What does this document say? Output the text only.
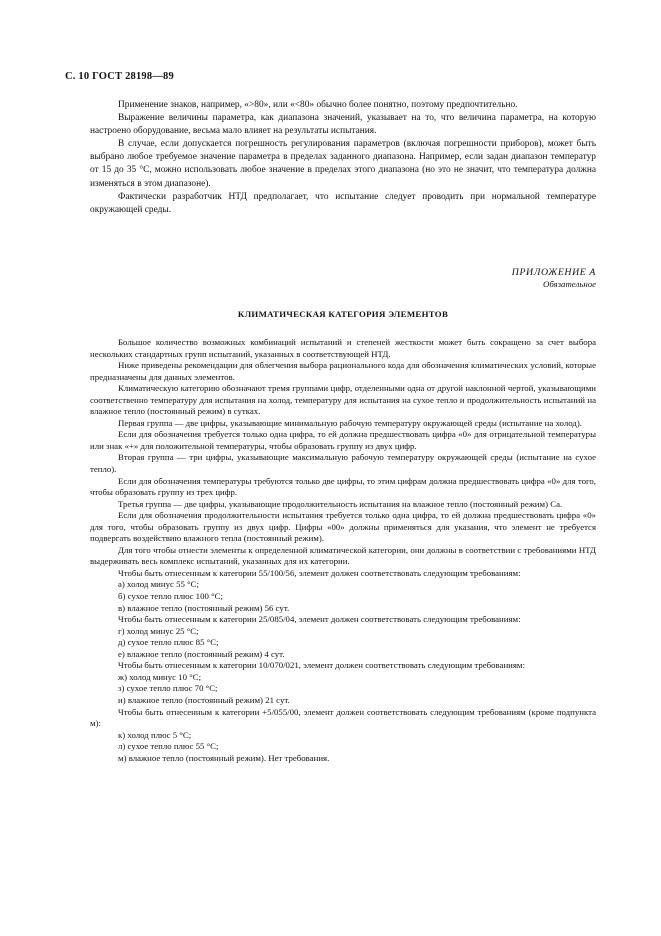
С. 10 ГОСТ 28198—89

Применение знаков, например, «>80», или «<80» обычно более понятно, поэтому предпочтительно.

Выражение величины параметра, как диапазона значений, указывает на то, что величина параметра, на которую настроено оборудование, весьма мало влияет на результаты испытания.

В случае, если допускается погрешность регулирования параметров (включая погрешности приборов), может быть выбрано любое требуемое значение параметра в пределах заданного диапазона. Например, если задан диапазон температур от 15 до 35 °С, можно использовать любое значение в пределах этого диапазона (но это не значит, что температура должна изменяться в этом диапазоне).

Фактически разработчик НТД предполагает, что испытание следует проводить при нормальной температуре окружающей среды.

ПРИЛОЖЕНИЕ А
Обязательное
КЛИМАТИЧЕСКАЯ КАТЕГОРИЯ ЭЛЕМЕНТОВ

Большое количество возможных комбинаций испытаний и степеней жесткости может быть сокращено за счет выбора нескольких стандартных групп испытаний, указанных в соответствующей НТД.

Ниже приведены рекомендации для облегчения выбора рационального кода для обозначения климатических условий, которые предназначены для данных элементов.

Климатическую категорию обозначают тремя группами цифр, отделенными одна от другой наклонной чертой, указывающими соответственно температуру для испытания на холод, температуру для испытания на сухое тепло и продолжительность испытаний на влажное тепло (постоянный режим) в сутках.

Первая группа — две цифры, указывающие минимальную рабочую температуру окружающей среды (испытание на холод).

Если для обозначения требуется только одна цифра, то ей должна предшествовать цифра «0» для отрицательной температуры или знак «+» для положительной температуры, чтобы образовать группу из двух цифр.

Вторая группа — три цифры, указывающие максимальную рабочую температуру окружающей среды (испытание на сухое тепло).

Если для обозначения температуры требуются только две цифры, то этим цифрам должна предшествовать цифра «0» для того, чтобы образовать группу из трех цифр.

Третья группа — две цифры, указывающие продолжительность испытания на влажное тепло (постоянный режим) Са.

Если для обозначения продолжительности испытания требуется только одна цифра, то ей должна предшествовать цифра «0» для того, чтобы образовать группу из двух цифр. Цифры «00» должны применяться для указания, что элемент не требуется подвергать воздействию влажного тепла (постоянный режим).

Для того чтобы отнести элементы к определенной климатической категории, они должны в соответствии с требованиями НТД выдерживать весь комплекс испытаний, указанных для их категории.

Чтобы быть отнесенным к категории 55/100/56, элемент должен соответствовать следующим требованиям:

а) холод минус 55 °С;

б) сухое тепло плюс 100 °С;

в) влажное тепло (постоянный режим) 56 сут.

Чтобы быть отнесенным к категории 25/085/04, элемент должен соответствовать следующим требованиям:

г) холод минус 25 °С;

д) сухое тепло плюс 85 °С;

е) влажное тепло (постоянный режим) 4 сут.

Чтобы быть отнесенным к категории 10/070/021, элемент должен соответствовать следующим требованиям:

ж) холод минус 10 °С;

з) сухое тепло плюс 70 °С;

и) влажное тепло (постоянный режим) 21 сут.

Чтобы быть отнесенным к категории +5/055/00, элемент должен соответствовать следующим требованиям (кроме подпункта м):

к) холод плюс 5 °С;

л) сухое тепло плюс 55 °С;

м) влажное тепло (постоянный режим). Нет требования.
